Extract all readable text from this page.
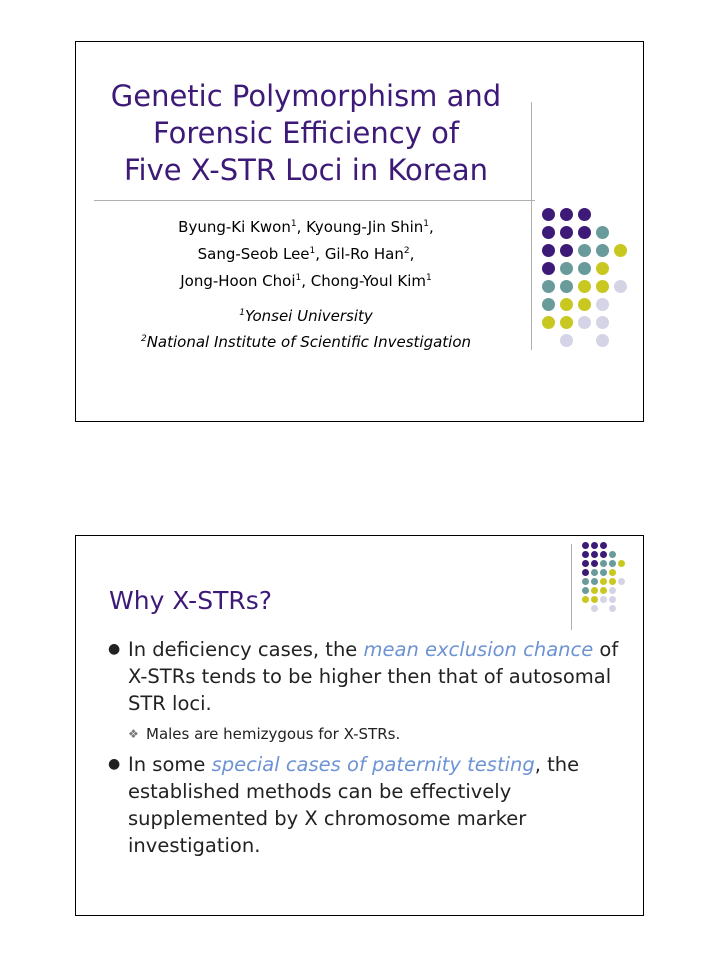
Genetic Polymorphism and
Forensic Efficiency of
Five X-STR Loci in Korean
Byung-Ki Kwon$^1$, Kyoung-Jin Shin$^1$,
Sang-Seob Lee$^1$, Gil-Ro Han$^2$,
Jong-Hoon Choi$^1$, Chong-Youl Kim$^1$
$^1$Yonsei University
$^2$National Institute of Scientific Investigation
Why X-STRs?
● In deficiency cases, the mean exclusion chance of X-STRs tends to be higher then that of autosomal STR loci.
❖ Males are hemizygous for X-STRs.
● In some special cases of paternity testing, the established methods can be effectively supplemented by X chromosome marker investigation.
